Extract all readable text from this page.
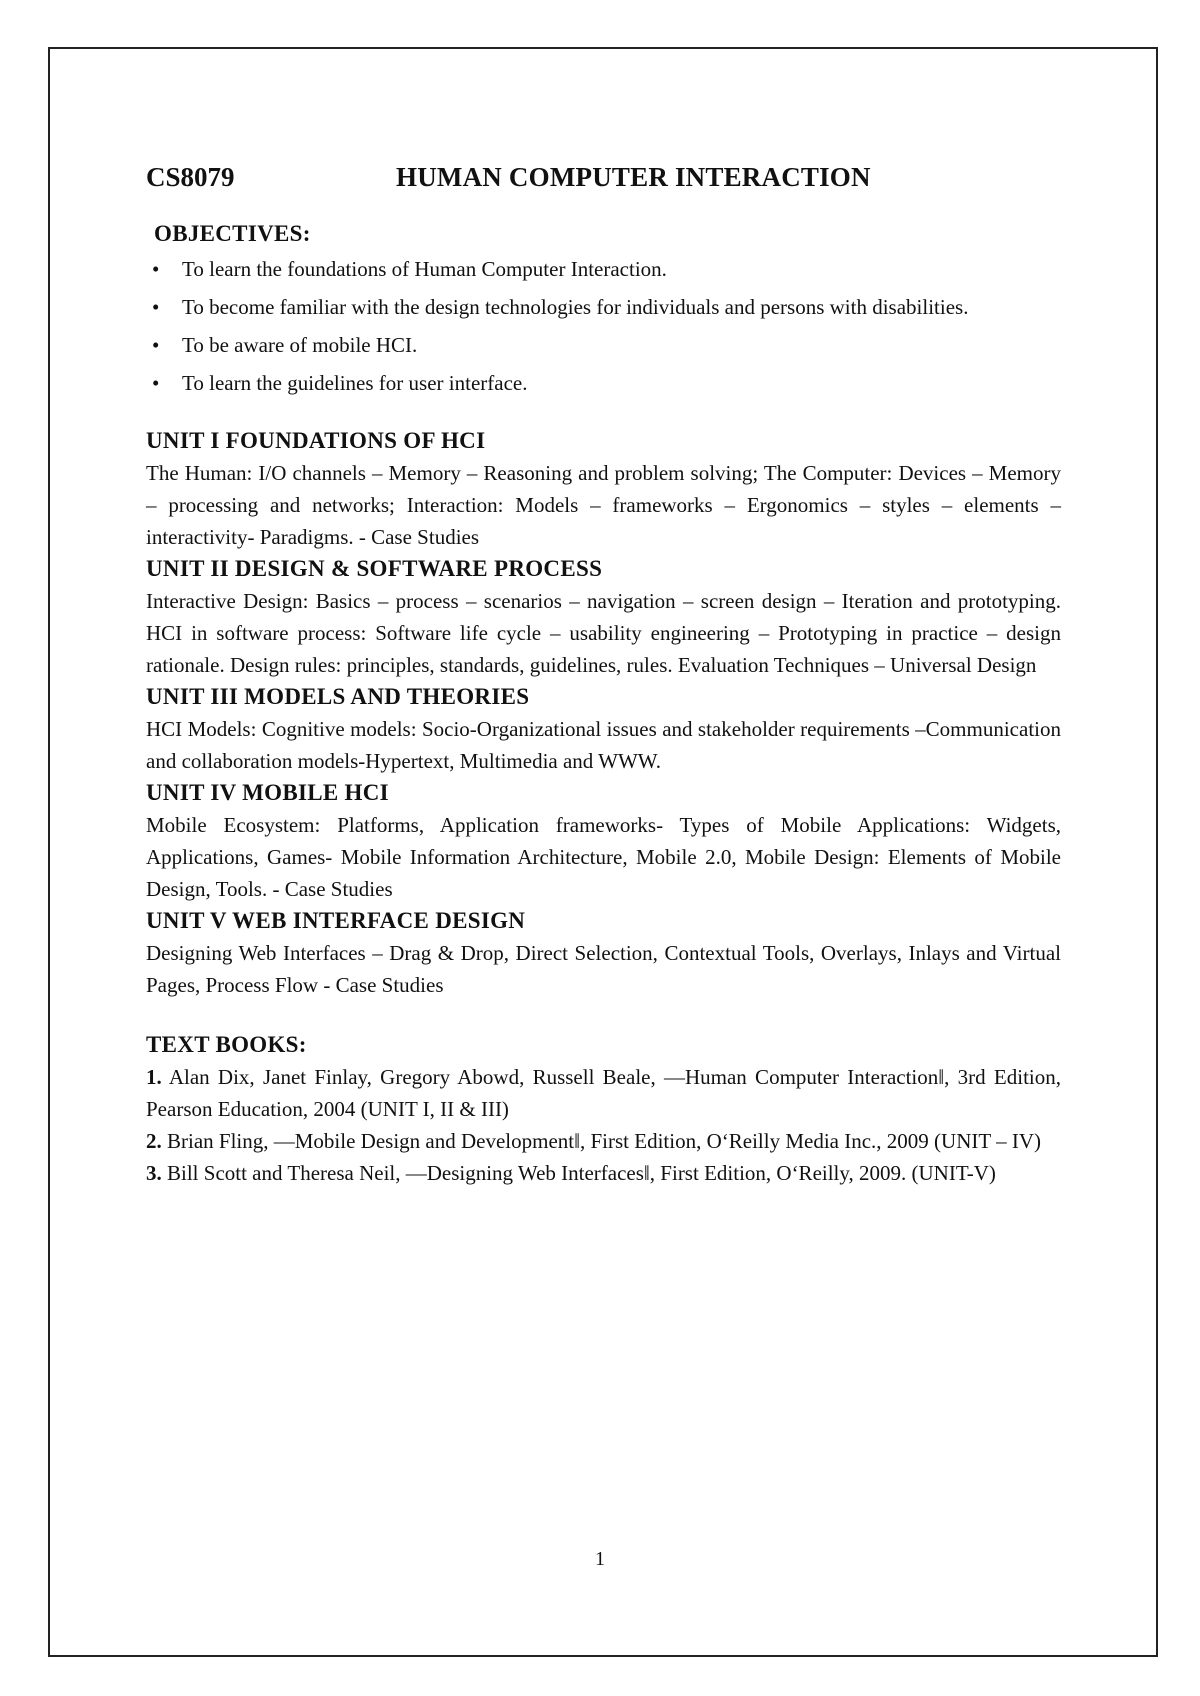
CS8079	HUMAN COMPUTER INTERACTION
OBJECTIVES:
• To learn the foundations of Human Computer Interaction.
• To become familiar with the design technologies for individuals and persons with disabilities.
• To be aware of mobile HCI.
• To learn the guidelines for user interface.
UNIT I FOUNDATIONS OF HCI
The Human: I/O channels – Memory – Reasoning and problem solving; The Computer: Devices – Memory – processing and networks; Interaction: Models – frameworks – Ergonomics – styles – elements – interactivity- Paradigms. - Case Studies
UNIT II DESIGN & SOFTWARE PROCESS
Interactive Design: Basics – process – scenarios – navigation – screen design – Iteration and prototyping. HCI in software process: Software life cycle – usability engineering – Prototyping in practice – design rationale. Design rules: principles, standards, guidelines, rules. Evaluation Techniques – Universal Design
UNIT III MODELS AND THEORIES
HCI Models: Cognitive models: Socio-Organizational issues and stakeholder requirements –Communication and collaboration models-Hypertext, Multimedia and WWW.
UNIT IV MOBILE HCI
Mobile Ecosystem: Platforms, Application frameworks- Types of Mobile Applications: Widgets, Applications, Games- Mobile Information Architecture, Mobile 2.0, Mobile Design: Elements of Mobile Design, Tools. - Case Studies
UNIT V WEB INTERFACE DESIGN
Designing Web Interfaces – Drag & Drop, Direct Selection, Contextual Tools, Overlays, Inlays and Virtual Pages, Process Flow - Case Studies
TEXT BOOKS:
1. Alan Dix, Janet Finlay, Gregory Abowd, Russell Beale, ―Human Computer Interaction‖, 3rd Edition, Pearson Education, 2004 (UNIT I, II & III)
2. Brian Fling, ―Mobile Design and Development‖, First Edition, O‘Reilly Media Inc., 2009 (UNIT – IV)
3. Bill Scott and Theresa Neil, ―Designing Web Interfaces‖, First Edition, O‘Reilly, 2009. (UNIT-V)
1
